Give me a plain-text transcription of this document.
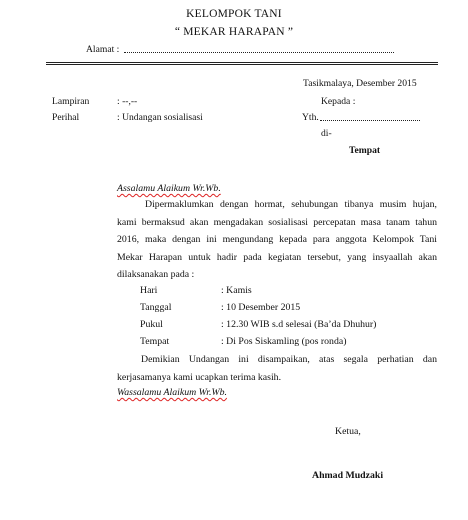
KELOMPOK TANI
“ MEKAR HARAPAN ”
Alamat :
Tasikmalaya, Desember 2015
Lampiran	: --,--	Kepada :
Perihal	: Undangan sosialisasi	Yth.
di-
Tempat
Assalamu Alaikum Wr.Wb.
Dipermaklumkan dengan hormat, sehubungan tibanya musim hujan,
kami bermaksud akan mengadakan sosialisasi percepatan masa tanam tahun
2016, maka dengan ini mengundang kepada para anggota Kelompok Tani
Mekar Harapan untuk hadir pada kegiatan tersebut, yang insyaallah akan
dilaksanakan pada :
Hari	: Kamis
Tanggal	: 10 Desember 2015
Pukul	: 12.30 WIB s.d selesai (Ba’da Dhuhur)
Tempat	: Di Pos Siskamling (pos ronda)
Demikian Undangan ini disampaikan, atas segala perhatian dan
kerjasamanya kami ucapkan terima kasih.
Wassalamu Alaikum Wr.Wb.
Ketua,
Ahmad Mudzaki
